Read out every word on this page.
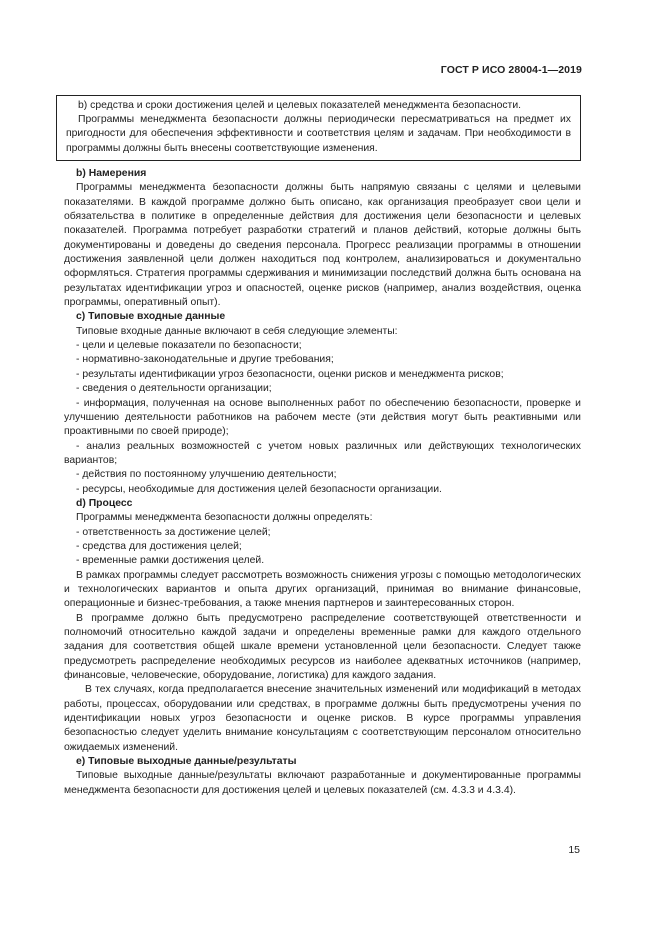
ГОСТ Р ИСО 28004-1—2019

b) средства и сроки достижения целей и целевых показателей менеджмента безопасности.

Программы менеджмента безопасности должны периодически пересматриваться на предмет их пригодности для обеспечения эффективности и соответствия целям и задачам. При необходимости в программы должны быть внесены соответствующие изменения.

b) Намерения

Программы менеджмента безопасности должны быть напрямую связаны с целями и целевыми показателями. В каждой программе должно быть описано, как организация преобразует свои цели и обязательства в политике в определенные действия для достижения цели безопасности и целевых показателей. Программа потребует разработки стратегий и планов действий, которые должны быть документированы и доведены до сведения персонала. Прогресс реализации программы в отношении достижения заявленной цели должен находиться под контролем, анализироваться и документально оформляться. Стратегия программы сдерживания и минимизации последствий должна быть основана на результатах идентификации угроз и опасностей, оценке рисков (например, анализ воздействия, оценка программы, оперативный опыт).

с) Типовые входные данные

Типовые входные данные включают в себя следующие элементы:

- цели и целевые показатели по безопасности;

- нормативно-законодательные и другие требования;

- результаты идентификации угроз безопасности, оценки рисков и менеджмента рисков;

- сведения о деятельности организации;

- информация, полученная на основе выполненных работ по обеспечению безопасности, проверке и улучшению деятельности работников на рабочем месте (эти действия могут быть реактивными или проактивными по своей природе);

- анализ реальных возможностей с учетом новых различных или действующих технологических вариантов;

- действия по постоянному улучшению деятельности;

- ресурсы, необходимые для достижения целей безопасности организации.

d) Процесс

Программы менеджмента безопасности должны определять:

- ответственность за достижение целей;

- средства для достижения целей;

- временные рамки достижения целей.

В рамках программы следует рассмотреть возможность снижения угрозы с помощью методологических и технологических вариантов и опыта других организаций, принимая во внимание финансовые, операционные и бизнес-требования, а также мнения партнеров и заинтересованных сторон.

В программе должно быть предусмотрено распределение соответствующей ответственности и полномочий относительно каждой задачи и определены временные рамки для каждого отдельного задания для соответствия общей шкале времени установленной цели безопасности. Следует также предусмотреть распределение необходимых ресурсов из наиболее адекватных источников (например, финансовые, человеческие, оборудование, логистика) для каждого задания.

В тех случаях, когда предполагается внесение значительных изменений или модификаций в методах работы, процессах, оборудовании или средствах, в программе должны быть предусмотрены учения по идентификации новых угроз безопасности и оценке рисков. В курсе программы управления безопасностью следует уделить внимание консультациям с соответствующим персоналом относительно ожидаемых изменений.

е) Типовые выходные данные/результаты

Типовые выходные данные/результаты включают разработанные и документированные программы менеджмента безопасности для достижения целей и целевых показателей (см. 4.3.3 и 4.3.4).

15
